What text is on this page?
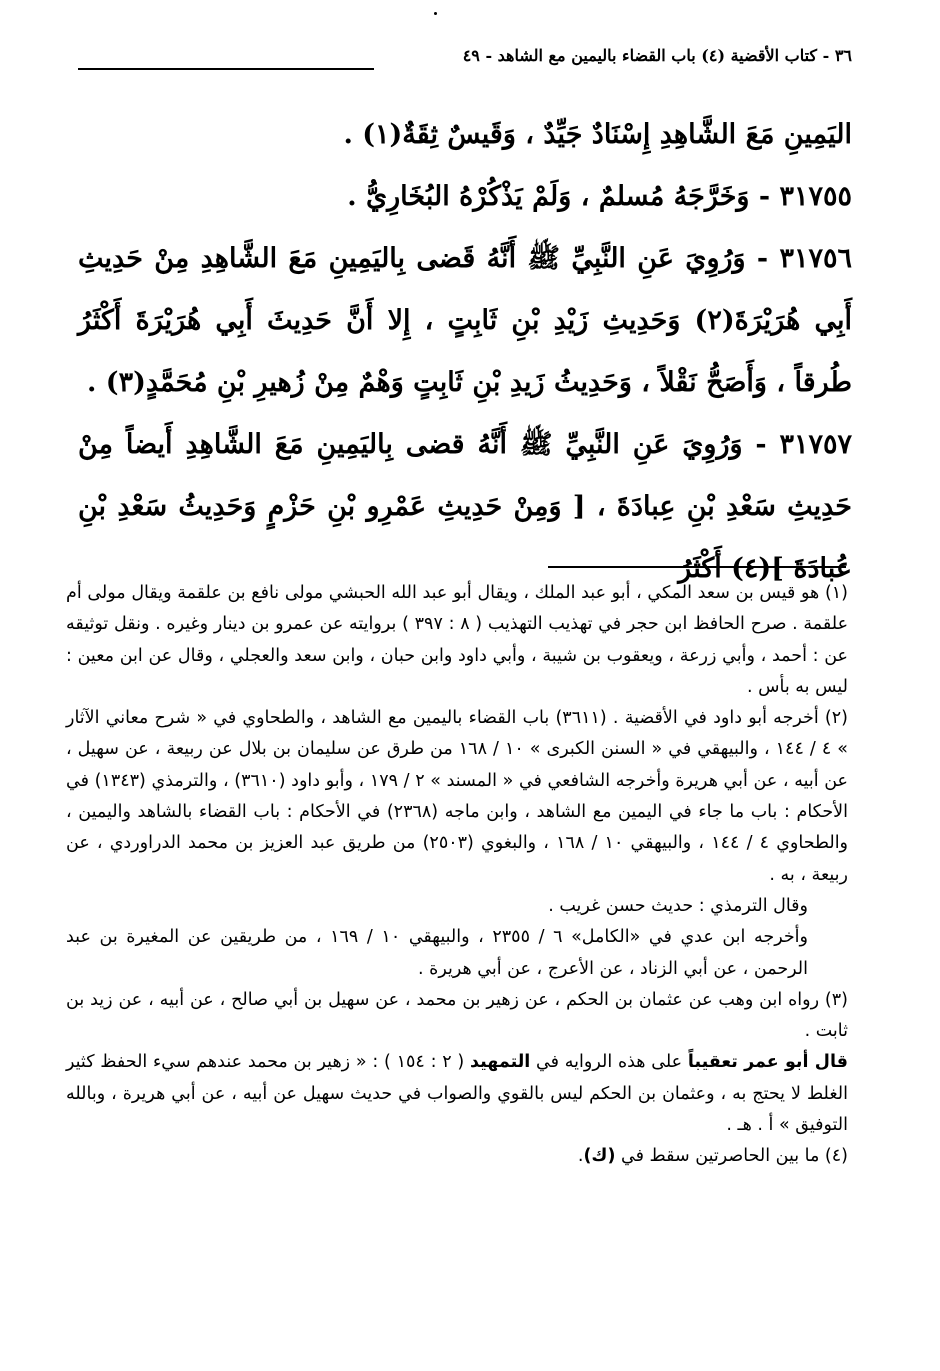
٣٦ - كتاب الأقضية (٤) باب القضاء باليمين مع الشاهد - ٤٩

اليَمِينِ مَعَ الشَّاهِدِ إِسْنَادٌ جَيِّدٌ ، وَقَيسٌ ثِقَةٌ(١) .

٣١٧٥٥ - وَخَرَّجَهُ مُسلمٌ ، وَلَمْ يَذْكُرْهُ البُخَارِيُّ .

٣١٧٥٦ - وَرُوِيَ عَنِ النَّبِيِّ ﷺ أَنَّهُ قَضى بِاليَمِينِ مَعَ الشَّاهِدِ مِنْ حَدِيثِ أَبِي هُرَيْرَةَ(٢) وَحَدِيثِ زَيْدِ بْنِ ثَابِتٍ ، إِلا أَنَّ حَدِيثَ أَبِي هُرَيْرَةَ أَكْثَرُ طُرقاً ، وَأَصَحُّ نَقْلاً ، وَحَدِيثُ زَيدِ بْنِ ثَابِتٍ وَهْمٌ مِنْ زُهيرِ بْنِ مُحَمَّدٍ(٣) .

٣١٧٥٧ - وَرُوِيَ عَنِ النَّبِيِّ ﷺ أَنَّهُ قضى بِاليَمِينِ مَعَ الشَّاهِدِ أَيضاً مِنْ حَدِيثِ سَعْدِ بْنِ عِبادَةَ ، [ وَمِنْ حَدِيثِ عَمْرِو بْنِ حَزْمٍ وَحَدِيثُ سَعْدِ بْنِ عُبادَةَ ](٤) أَكْثَرُ

(١) هو قيس بن سعد المكي ، أبو عبد الملك ، ويقال أبو عبد الله الحبشي مولى نافع بن علقمة ويقال مولى أم علقمة . صرح الحافظ ابن حجر في تهذيب التهذيب ( ٨ : ٣٩٧ ) بروايته عن عمرو بن دينار وغيره . ونقل توثيقه عن : أحمد ، وأبي زرعة ، ويعقوب بن شيبة ، وأبي داود وابن حبان ، وابن سعد والعجلي ، وقال عن ابن معين : ليس به بأس .

(٢) أخرجه أبو داود في الأقضية . (٣٦١١) باب القضاء باليمين مع الشاهد ، والطحاوي في « شرح معاني الآثار » ٤ / ١٤٤ ، والبيهقي في « السنن الكبرى » ١٠ / ١٦٨ من طرق عن سليمان بن بلال عن ربيعة ، عن سهيل ، عن أبيه ، عن أبي هريرة وأخرجه الشافعي في « المسند » ٢ / ١٧٩ ، وأبو داود (٣٦١٠) ، والترمذي (١٣٤٣) في الأحكام : باب ما جاء في اليمين مع الشاهد ، وابن ماجه (٢٣٦٨) في الأحكام : باب القضاء بالشاهد واليمين ، والطحاوي ٤ / ١٤٤ ، والبيهقي ١٠ / ١٦٨ ، والبغوي (٢٥٠٣) من طريق عبد العزيز بن محمد الدراوردي ، عن ربيعة ، به .

وقال الترمذي : حديث حسن غريب .

وأخرجه ابن عدي في «الكامل» ٦ / ٢٣٥٥ ، والبيهقي ١٠ / ١٦٩ ، من طريقين عن المغيرة بن عبد الرحمن ، عن أبي الزناد ، عن الأعرج ، عن أبي هريرة .

(٣) رواه ابن وهب عن عثمان بن الحكم ، عن زهير بن محمد ، عن سهيل بن أبي صالح ، عن أبيه ، عن زيد بن ثابت .

قال أبو عمر تعقيباً على هذه الروايه في التمهيد ( ٢ : ١٥٤ ) : « زهير بن محمد عندهم سيء الحفظ كثير الغلط لا يحتج به ، وعثمان بن الحكم ليس بالقوي والصواب في حديث سهيل عن أبيه ، عن أبي هريرة ، وبالله التوفيق » أ . هـ .

(٤) ما بين الحاصرتين سقط في (ك).
